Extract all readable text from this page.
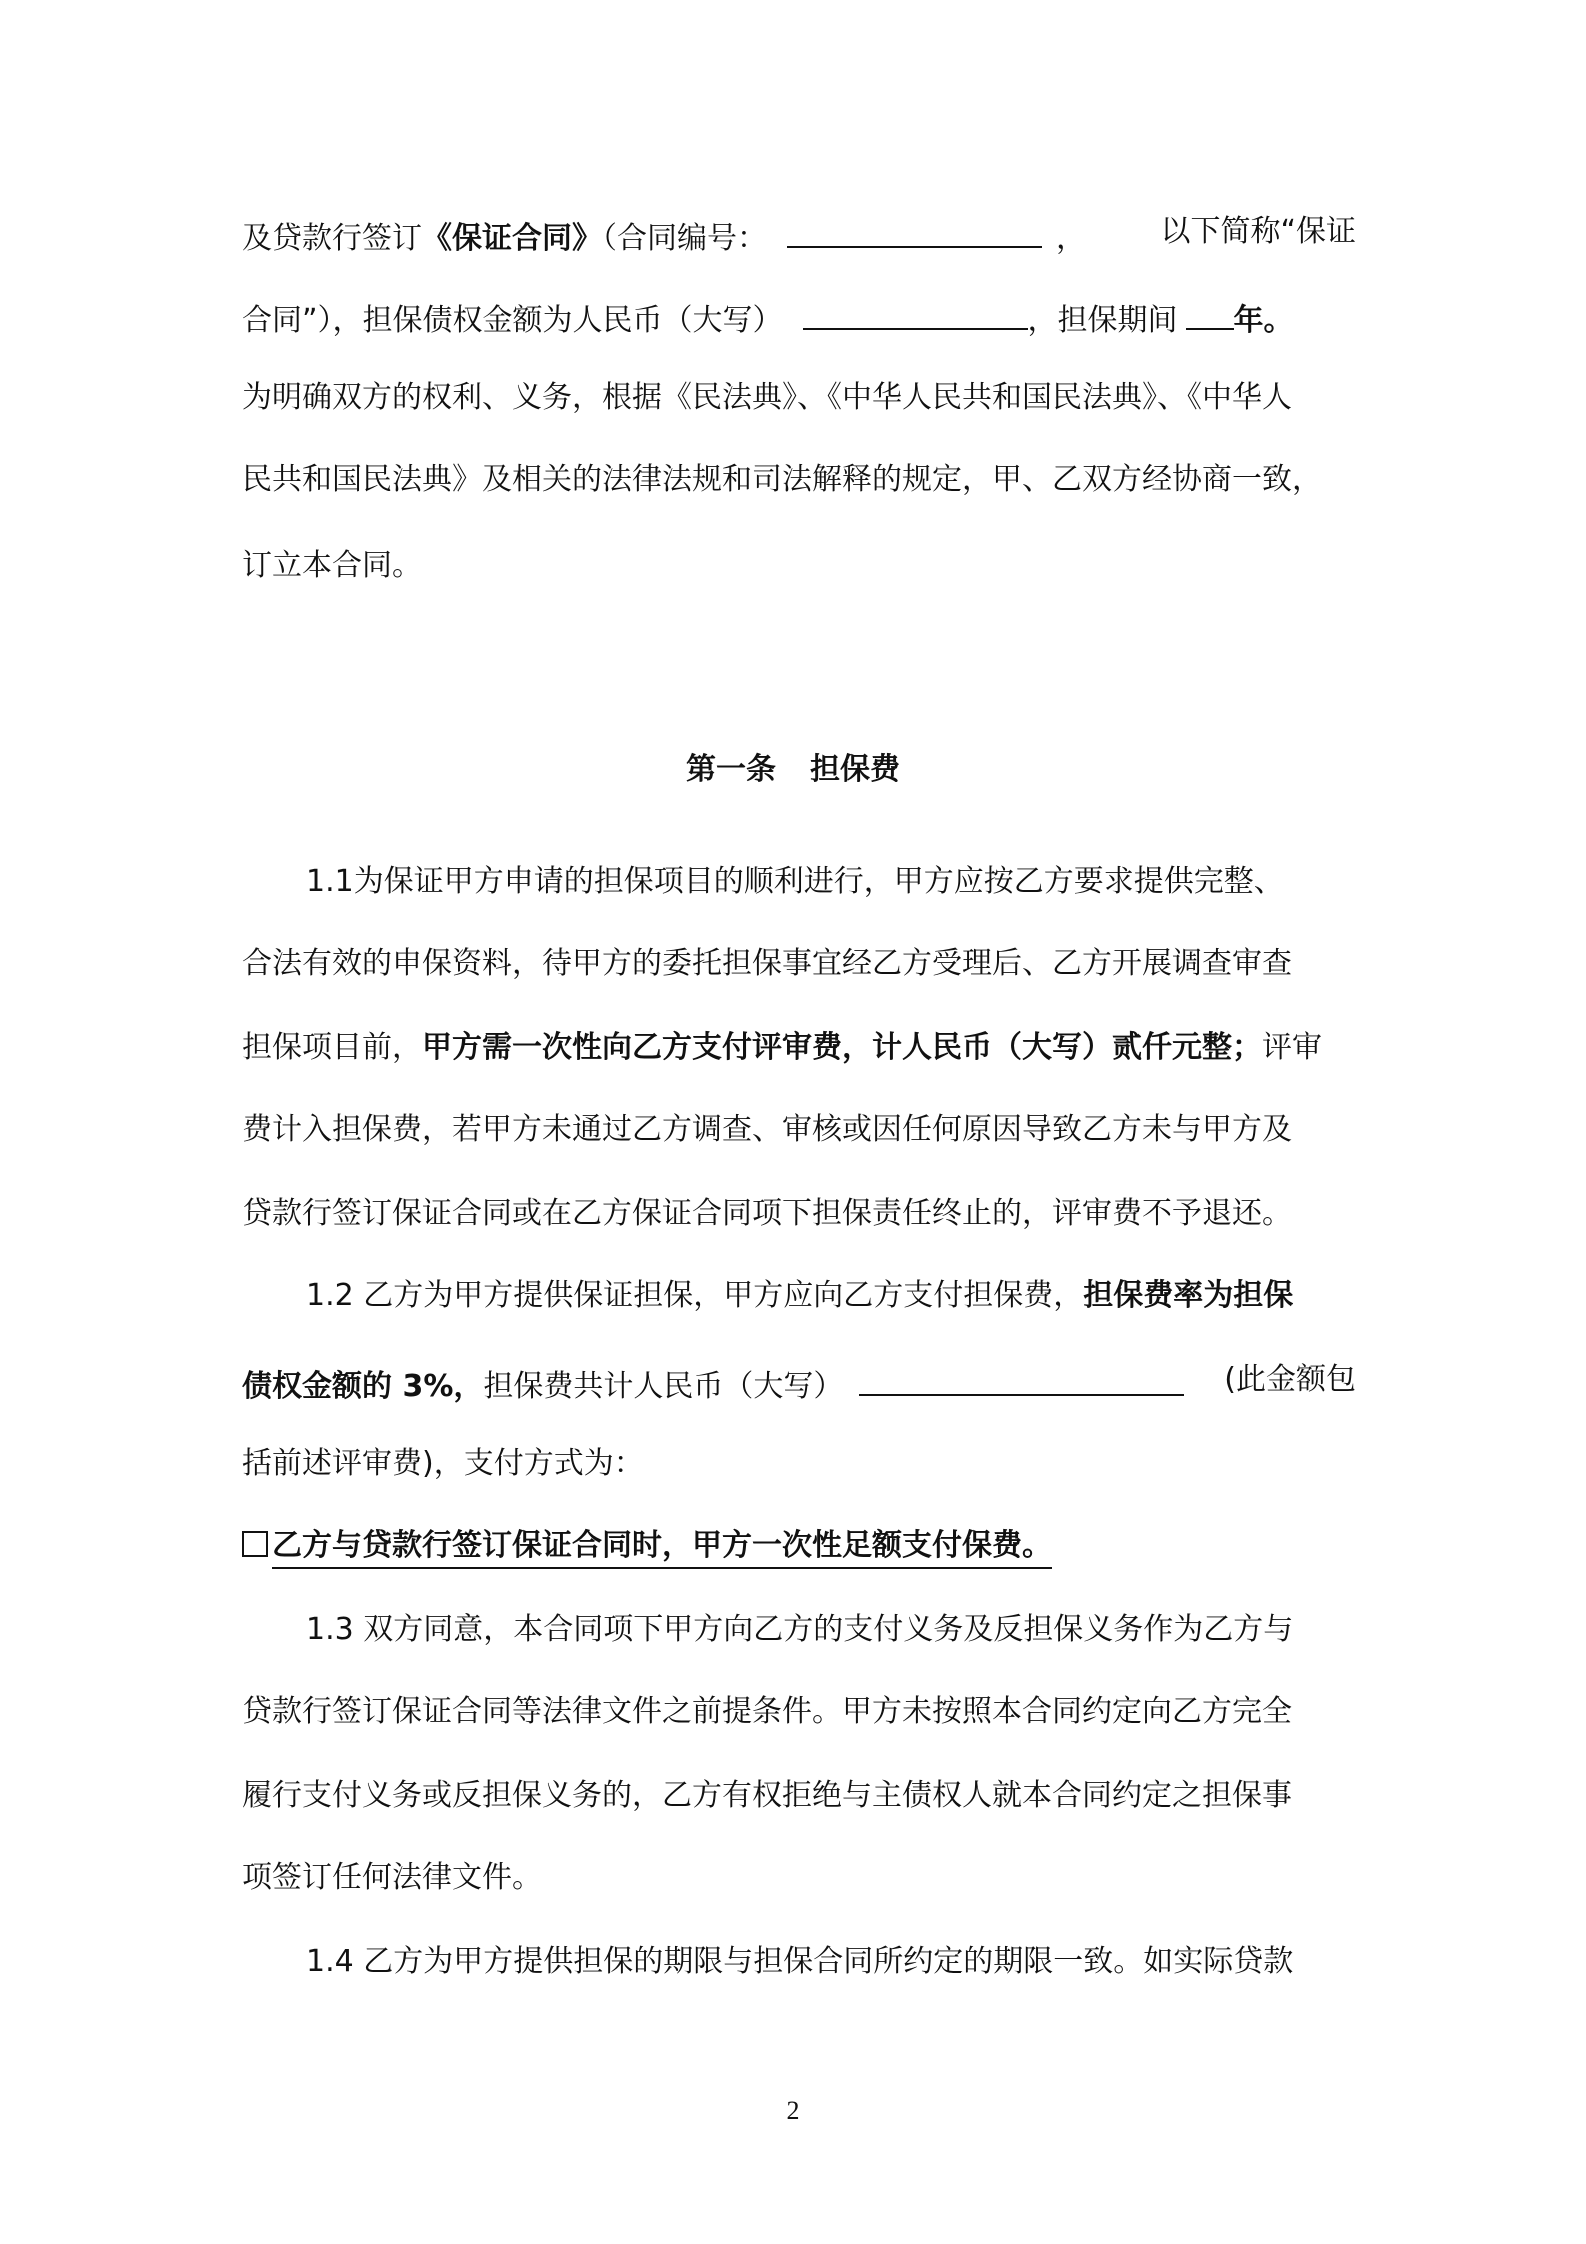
及贷款行签订《保证合同》（合同编号：	， 以下简称“保证
合同”），担保债权金额为人民币（大写）	，担保期间 年。
为明确双方的权利、义务，根据《民法典》、《中华人民共和国民法典》、《中华人
民共和国民法典》及相关的法律法规和司法解释的规定，甲、乙双方经协商一致，
订立本合同。
第一条 担保费
1.1为保证甲方申请的担保项目的顺利进行，甲方应按乙方要求提供完整、
合法有效的申保资料，待甲方的委托担保事宜经乙方受理后、乙方开展调查审查
担保项目前，甲方需一次性向乙方支付评审费，计人民币（大写）贰仟元整；评审
费计入担保费，若甲方未通过乙方调查、审核或因任何原因导致乙方未与甲方及
贷款行签订保证合同或在乙方保证合同项下担保责任终止的，评审费不予退还。
1.2 乙方为甲方提供保证担保，甲方应向乙方支付担保费，担保费率为担保
债权金额的 3%，担保费共计人民币（大写）	(此金额包
括前述评审费)，支付方式为：
乙方与贷款行签订保证合同时，甲方一次性足额支付保费。
1.3 双方同意，本合同项下甲方向乙方的支付义务及反担保义务作为乙方与
贷款行签订保证合同等法律文件之前提条件。甲方未按照本合同约定向乙方完全
履行支付义务或反担保义务的，乙方有权拒绝与主债权人就本合同约定之担保事
项签订任何法律文件。
1.4 乙方为甲方提供担保的期限与担保合同所约定的期限一致。如实际贷款
2
